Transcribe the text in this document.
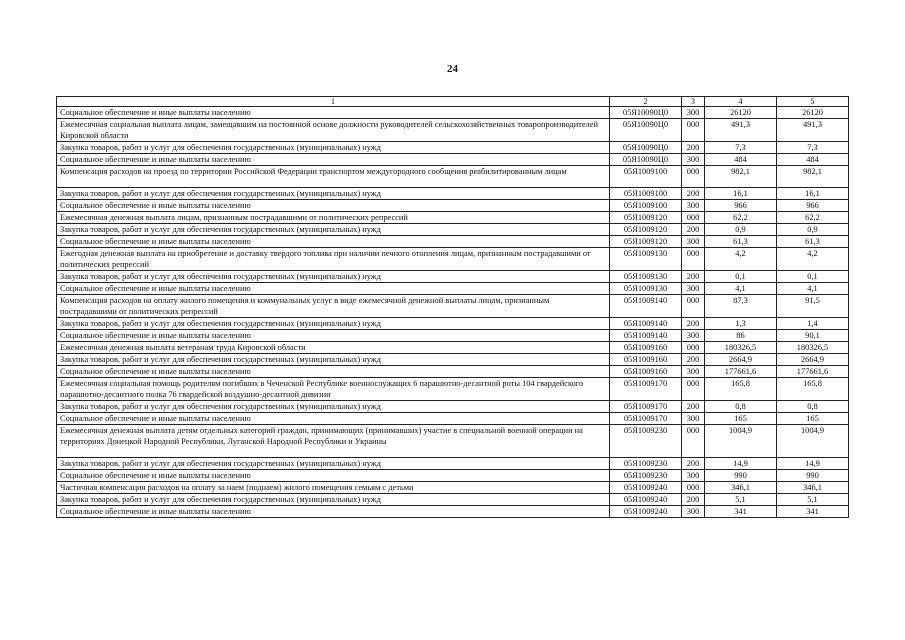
24
1	2	3	4	5
Социальное обеспечение и иные выплаты населению	05Я10090Ц0	300	26120	26120
Ежемесячная социальная выплата лицам, замещавшим на постоянной основе должности руководителей сельскохозяйственных товаропроизводителей Кировской области	05Я10090Ц0	000	491,3	491,3
Закупка товаров, работ и услуг для обеспечения государственных (муниципальных) нужд	05Я10090Ц0	200	7,3	7,3
Социальное обеспечение и иные выплаты населению	05Я10090Ц0	300	484	484
Компенсация расходов на проезд по территории Российской Федерации транспортом междугородного сообщения реабилитированным лицам	05Я1009100	000	982,1	982,1
Закупка товаров, работ и услуг для обеспечения государственных (муниципальных) нужд	05Я1009100	200	16,1	16,1
Социальное обеспечение и иные выплаты населению	05Я1009100	300	966	966
Ежемесячная денежная выплата лицам, признанным пострадавшими от политических репрессий	05Я1009120	000	62,2	62,2
Закупка товаров, работ и услуг для обеспечения государственных (муниципальных) нужд	05Я1009120	200	0,9	0,9
Социальное обеспечение и иные выплаты населению	05Я1009120	300	61,3	61,3
Ежегодная денежная выплата на приобретение и доставку твердого топлива при наличии печного отопления лицам, признанным пострадавшими от политических репрессий	05Я1009130	000	4,2	4,2
Закупка товаров, работ и услуг для обеспечения государственных (муниципальных) нужд	05Я1009130	200	0,1	0,1
Социальное обеспечение и иные выплаты населению	05Я1009130	300	4,1	4,1
Компенсация расходов на оплату жилого помещения и коммунальных услуг в виде ежемесячной денежной выплаты лицам, признанным пострадавшими от политических репрессий	05Я1009140	000	87,3	91,5
Закупка товаров, работ и услуг для обеспечения государственных (муниципальных) нужд	05Я1009140	200	1,3	1,4
Социальное обеспечение и иные выплаты населению	05Я1009140	300	86	90,1
Ежемесячная денежная выплата ветеранам труда Кировской области	05Я1009160	000	180326,5	180326,5
Закупка товаров, работ и услуг для обеспечения государственных (муниципальных) нужд	05Я1009160	200	2664,9	2664,9
Социальное обеспечение и иные выплаты населению	05Я1009160	300	177661,6	177661,6
Ежемесячная социальная помощь родителям погибших в Чеченской Республике военнослужащих 6 парашютно-десантной роты 104 гвардейского парашютно-десантного полка 76 гвардейской воздушно-десантной дивизии	05Я1009170	000	165,8	165,8
Закупка товаров, работ и услуг для обеспечения государственных (муниципальных) нужд	05Я1009170	200	0,8	0,8
Социальное обеспечение и иные выплаты населению	05Я1009170	300	165	165
Ежемесячная денежная выплата детям отдельных категорий граждан, принимающих (принимавших) участие в специальной военной операции на территориях Донецкой Народной Республики, Луганской Народной Республики и Украины	05Я1009230	000	1004,9	1004,9
Закупка товаров, работ и услуг для обеспечения государственных (муниципальных) нужд	05Я1009230	200	14,9	14,9
Социальное обеспечение и иные выплаты населению	05Я1009230	300	990	990
Частичная компенсация расходов на оплату за наем (поднаем) жилого помещения семьям с детьми	05Я1009240	000	346,1	346,1
Закупка товаров, работ и услуг для обеспечения государственных (муниципальных) нужд	05Я1009240	200	5,1	5,1
Социальное обеспечение и иные выплаты населению	05Я1009240	300	341	341
